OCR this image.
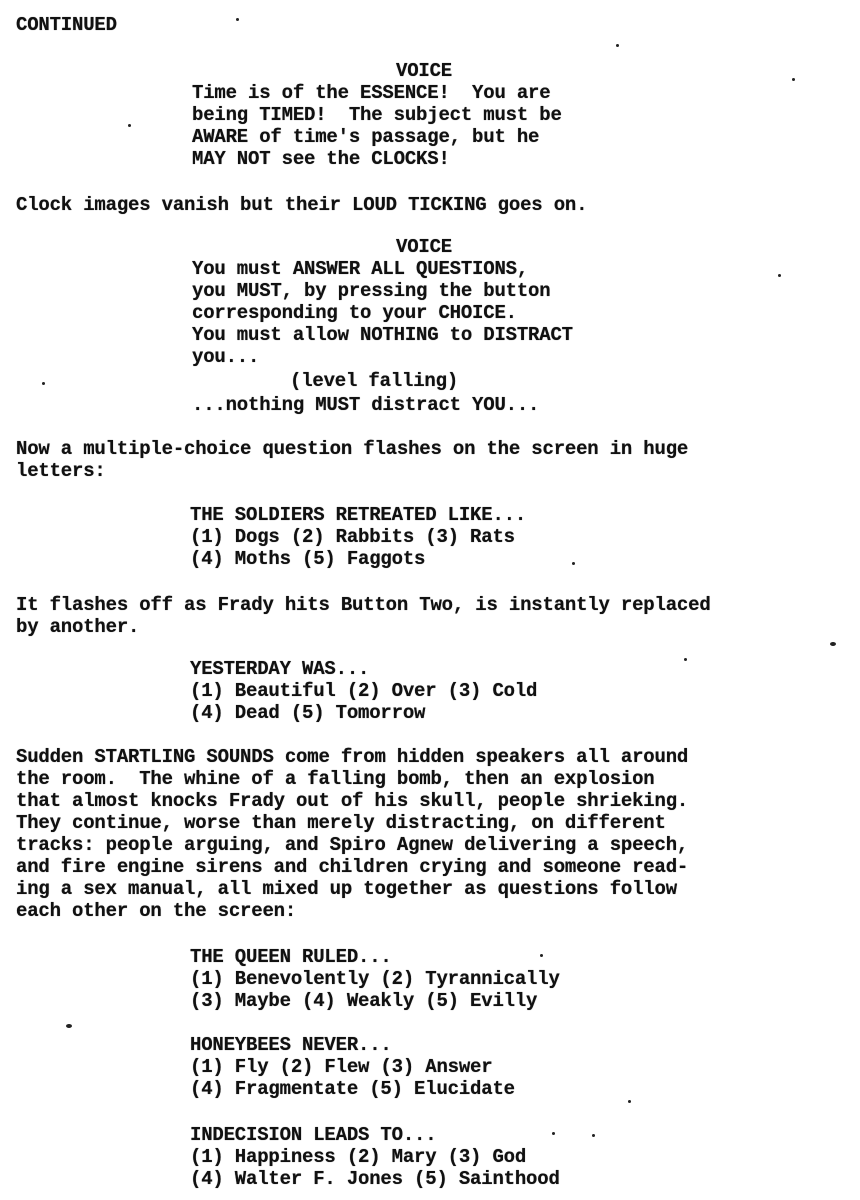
CONTINUED
VOICE
Time is of the ESSENCE!  You are
being TIMED!  The subject must be
AWARE of time's passage, but he
MAY NOT see the CLOCKS!
Clock images vanish but their LOUD TICKING goes on.
VOICE
You must ANSWER ALL QUESTIONS,
you MUST, by pressing the button
corresponding to your CHOICE.
You must allow NOTHING to DISTRACT
you...
(level falling)
...nothing MUST distract YOU...
Now a multiple-choice question flashes on the screen in huge
letters:
THE SOLDIERS RETREATED LIKE...
(1) Dogs (2) Rabbits (3) Rats
(4) Moths (5) Faggots
It flashes off as Frady hits Button Two, is instantly replaced
by another.
YESTERDAY WAS...
(1) Beautiful (2) Over (3) Cold
(4) Dead (5) Tomorrow
Sudden STARTLING SOUNDS come from hidden speakers all around
the room.  The whine of a falling bomb, then an explosion
that almost knocks Frady out of his skull, people shrieking.
They continue, worse than merely distracting, on different
tracks: people arguing, and Spiro Agnew delivering a speech,
and fire engine sirens and children crying and someone read-
ing a sex manual, all mixed up together as questions follow
each other on the screen:
THE QUEEN RULED...
(1) Benevolently (2) Tyrannically
(3) Maybe (4) Weakly (5) Evilly
HONEYBEES NEVER...
(1) Fly (2) Flew (3) Answer
(4) Fragmentate (5) Elucidate
INDECISION LEADS TO...
(1) Happiness (2) Mary (3) God
(4) Walter F. Jones (5) Sainthood
